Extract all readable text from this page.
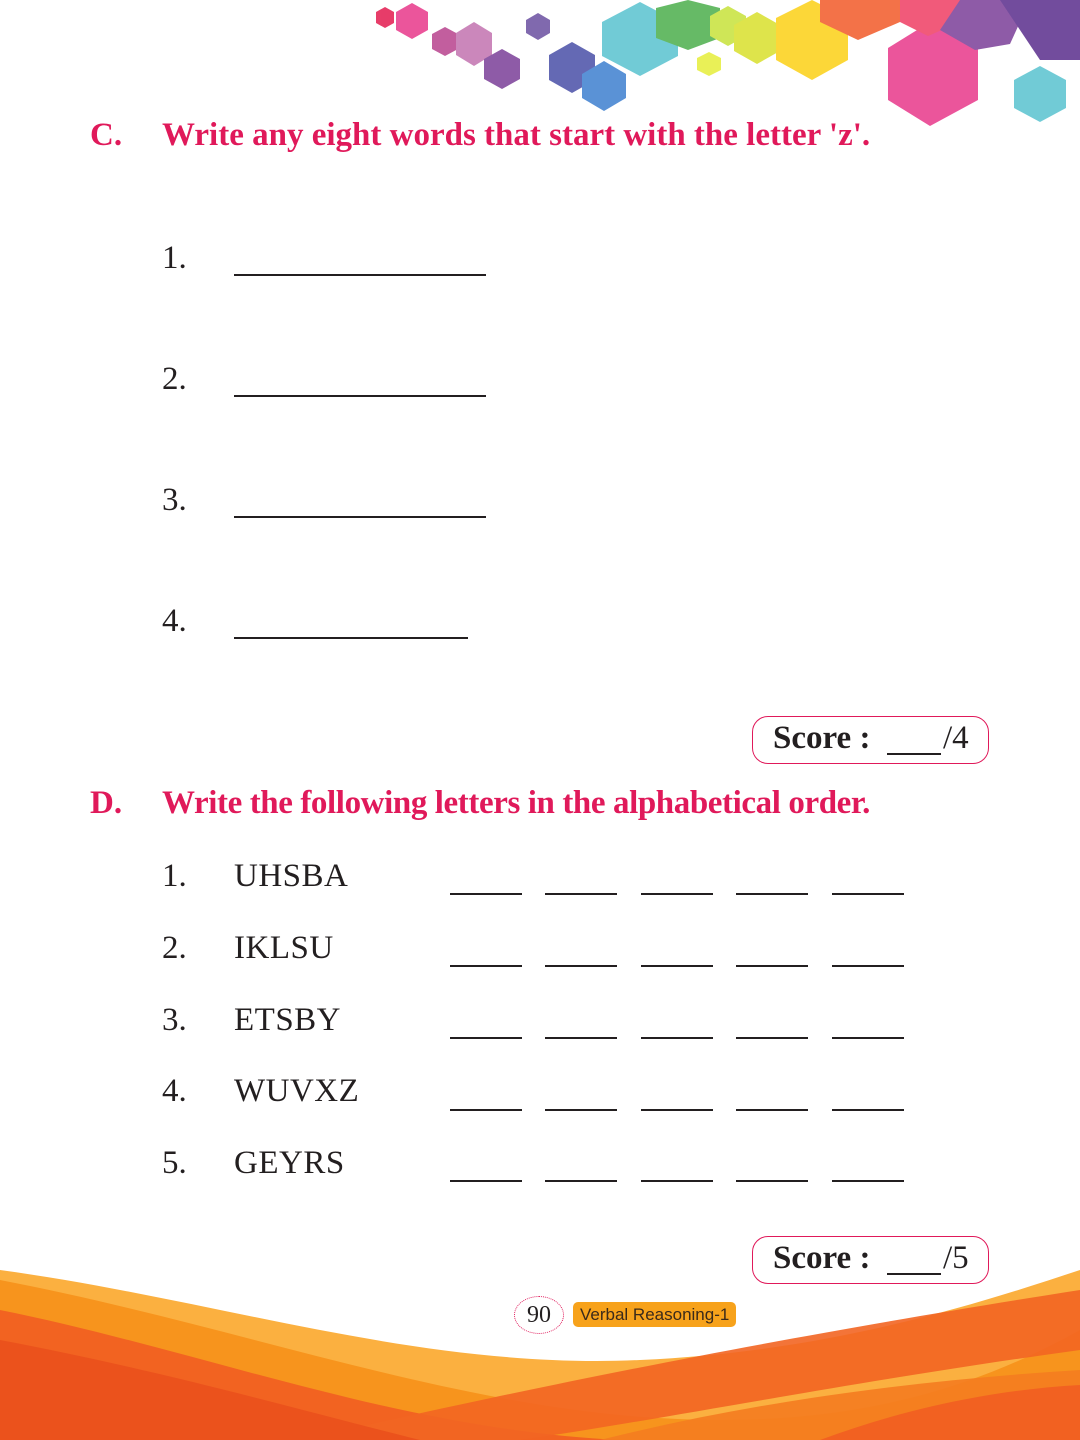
C. Write any eight words that start with the letter 'z'.
1.
2.
3.
4.
Score : /4
D. Write the following letters in the alphabetical order.
1. UHSBA
2. IKLSU
3. ETSBY
4. WUVXZ
5. GEYRS
Score : /5
90	Verbal Reasoning-1
